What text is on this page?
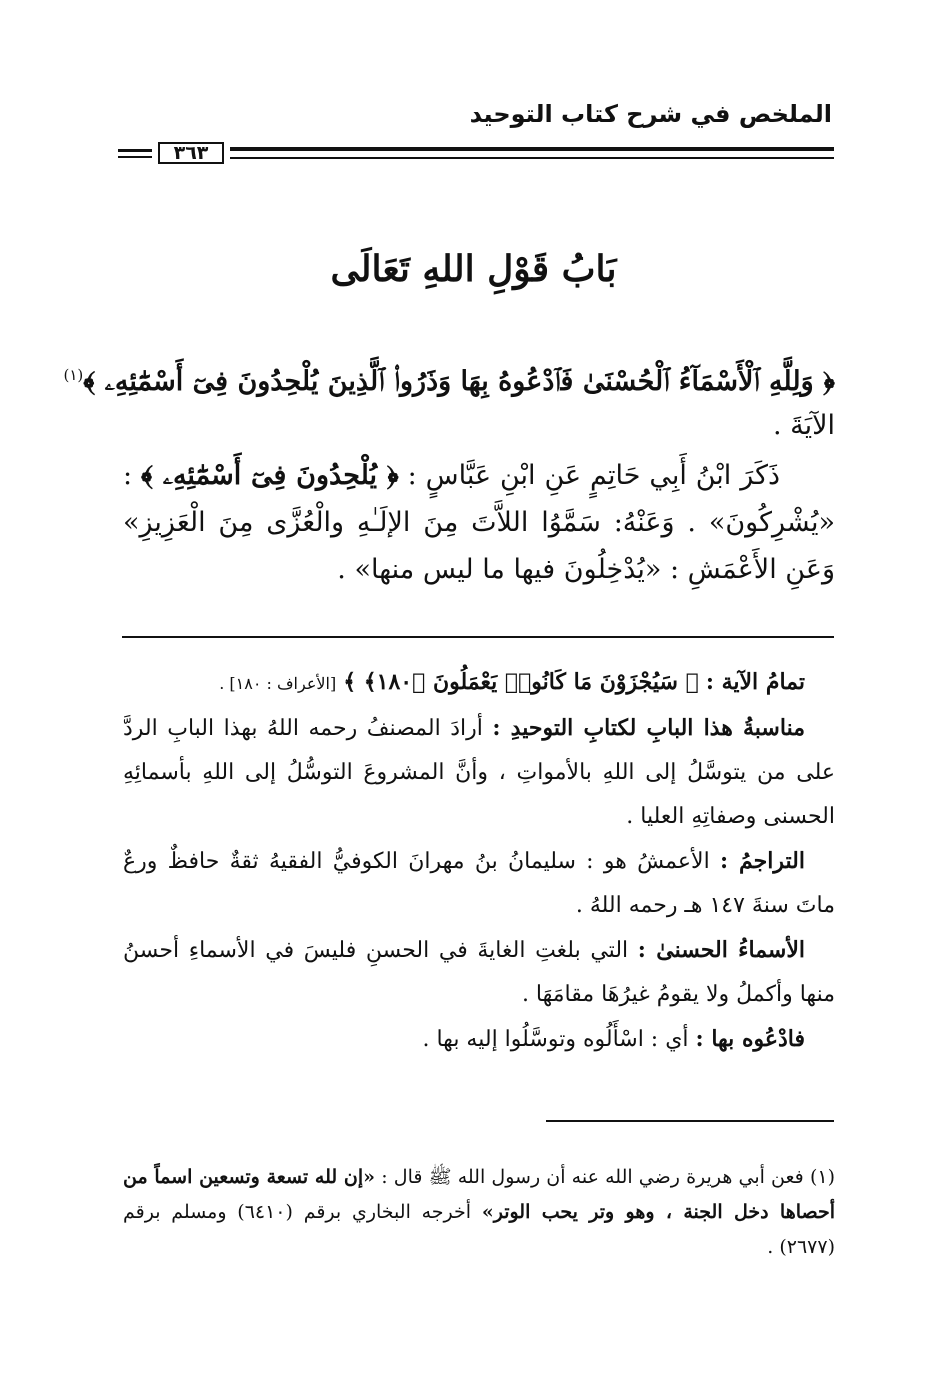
الملخص في شرح كتاب التوحيد
٣٦٣
بَابُ قَوْلِ اللهِ تَعَالَى
﴿ وَلِلَّهِ ٱلْأَسْمَآءُ ٱلْحُسْنَىٰ فَٱدْعُوهُ بِهَا وَذَرُوا۟ ٱلَّذِينَ يُلْحِدُونَ فِىٓ أَسْمَٰٓئِهِۦ ﴾$^{(١)}$
الآيَةَ .
ذَكَرَ ابْنُ أَبِي حَاتِمٍ عَنِ ابْنِ عَبَّاسٍ : ﴿ يُلْحِدُونَ فِىٓ أَسْمَٰٓئِهِۦ ﴾ : «يُشْرِكُونَ» . وَعَنْهُ: سَمَّوُا اللاَّتَ مِنَ الإلَـٰهِ والْعُزَّى مِنَ الْعَزِيزِ» وَعَنِ الأَعْمَشِ : «يُدْخِلُونَ فيها ما ليس منها» .

تمامُ الآية : ﴿ سَيُجْزَوْنَ مَا كَانُوا۟ يَعْمَلُونَ ﴿١٨٠﴾ ﴾ [الأعراف : ١٨٠] .

مناسبةُ هذا البابِ لكتابِ التوحيدِ : أرادَ المصنفُ رحمه اللهُ بهذا البابِ الردَّ على من يتوسَّلُ إلى اللهِ بالأمواتِ ، وأنَّ المشروعَ التوسُّلُ إلى اللهِ بأسمائِهِ الحسنى وصفاتِهِ العليا .

التراجمُ : الأعمشُ هو : سليمانُ بنُ مهرانَ الكوفيُّ الفقيهُ ثقةٌ حافظٌ ورعٌ ماتَ سنةَ ١٤٧ هـ رحمه اللهُ .

الأسماءُ الحسنىٰ : التي بلغتِ الغايةَ في الحسنِ فليسَ في الأسماءِ أحسنُ منها وأكملُ ولا يقومُ غيرُهَا مقامَهَا .

فادْعُوه بها : أي : اسْأَلُوه وتوسَّلُوا إليه بها .

(١) فعن أبي هريرة رضي الله عنه أن رسول الله ﷺ قال : «إن لله تسعة وتسعين اسماً من أحصاها دخل الجنة ، وهو وتر يحب الوتر» أخرجه البخاري برقم (٦٤١٠) ومسلم برقم (٢٦٧٧) .
